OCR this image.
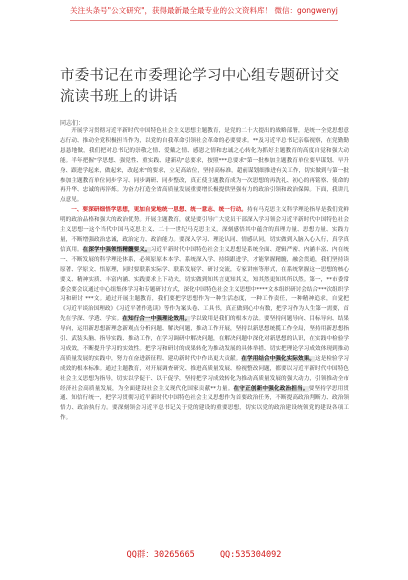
关注头条号"公文研究"，获得最新最全最专业的公文资料库！ 微信：gongwenyj
市委书记在市委理论学习中心组专题研讨交流读书班上的讲话
同志们：

开展学习贯彻习近平新时代中国特色社会主义思想主题教育，是党的二十大提出的战略部署，是统一全党思想意志行动、推动全党积极担当作为，以党的自我革命引领社会革命的必要要求。**及习近平总书记亲临视察，在党勤勤恳恳地做，我们把对总书记的崇敬之情、爱戴之情、感恩之情和忠诚之心转化为抓好主题教育的高度自觉和强大动能。半年把握"学思想、强党性、重实践、建新功"总要求，按照***总要求"第一批参加主题教育单位要早谋划、早升身、跟进学起来，做起来，改起来"的要求，立足高站位，坚持高标准，超前谋划细推进有关工作，切实做到与第一批参加主题教育单位同步学习、同步调研、同步整改，真正使主题教育成为一次思想的再洗礼、初心的再铭察、使命的再升华、忠诚的再淬炼。为奋力打造全省高质量发展重要增长极提供坚强有力的政治引领和政治保障。下面，我讲几点意见。

一、要深研细悟学思想，更加自觉地统一思想、统一意志、统一行动。持有马克思主义科学理论指导是我们党鲜明的政治品格和强大的政治优势。开展主题教育，就是要引导广大党员干部深入学习领会习近平新时代中国特色社会主义思想一这个当代中国马克思主义、二十一世纪马克思主义，深刻感悟其中蕴含的真理力量、思想力量、实践力量，不断增强政治忠诚，政治定力、政治能力。要深入学习、理论认同、情感认同，切实做到入脑入心入行，真学真信真用。在深学中强领悟精髓要义。习近平新时代中国特色社会主义思想是系统全面、逻辑严密、内涵丰富、内在统一、不断发展的科学理论体系，必须原原本本学、系统深入学、持续跟进学，才能掌握精髓，融会贯通，我们坚持读原著、学原文、悟原理，同时要联系实际学、联系发展学、研讨交流，专家讲座等形式，在系统掌握这一思想的核心要义、精神实质、丰富内涵、实践要求上下功夫，切实做到知其言更知其义，知其然更知其所以然。第一，**市委常委会要会议通过中心组集体学习和专题研讨方式，深化中国特色社会主义思想中****文本组织研讨会结合***次组织学习和研讨 ***文。通过开展主题教育，我们要把学思想作为一种生活态度，一种工作责任，一种精神追求，自觉把《习近平谈治国理政》《习近平著作选读》等作为案头卷、工具书，真正做到心中有数，把学习作为人生第一需要，首先在学深、学透、学实。在知行合一中强理论效用。学以致用是我们的根本方法。要坚持问题导向、目标导向、结果导向，运用新思想新理念新观点分析问题、解决问题，推动工作开展，坚持以新思想统揽工作全局，坚持用新思想指引、武装头脑、指导实践、推动工作，在学习调研中解决问题，在解决问题中深化对新思想的认识，在实践中检验学习成效，不断提升学习的实效性。把学习和研讨的成果转化为推动发展的具体举措、切实把理论学习成效体现到推动高质量发展的实践中，努力在奋进新征程、建功新时代中作出更大贡献。在学用结合中强化实际效果。这是检验学习成效的根本标准。通过主题教育，对开展调查研究、推进高质量发展、检视整改问题，都要以习近平新时代中国特色社会主义思想为指导，切实以学促干、以干促学，坚持把学习成效转化为推动高质量发展的强大动力，引领推动全市经济社会高质量发展，为全面建设社会主义现代化国家贡献**力量。在守正创新中强化政治担当。要坚持学思用贯通、知信行统一，把学习贯彻习近平新时代中国特色社会主义思想作为首要政治任务，不断提高政治判断力、政治领悟力、政治执行力。要深刻领会习近平总书记关于党的建设的重要思想，切实以党的政治建设统领党的建设各项工作。

QQ群：30265665	QQ:535304092
